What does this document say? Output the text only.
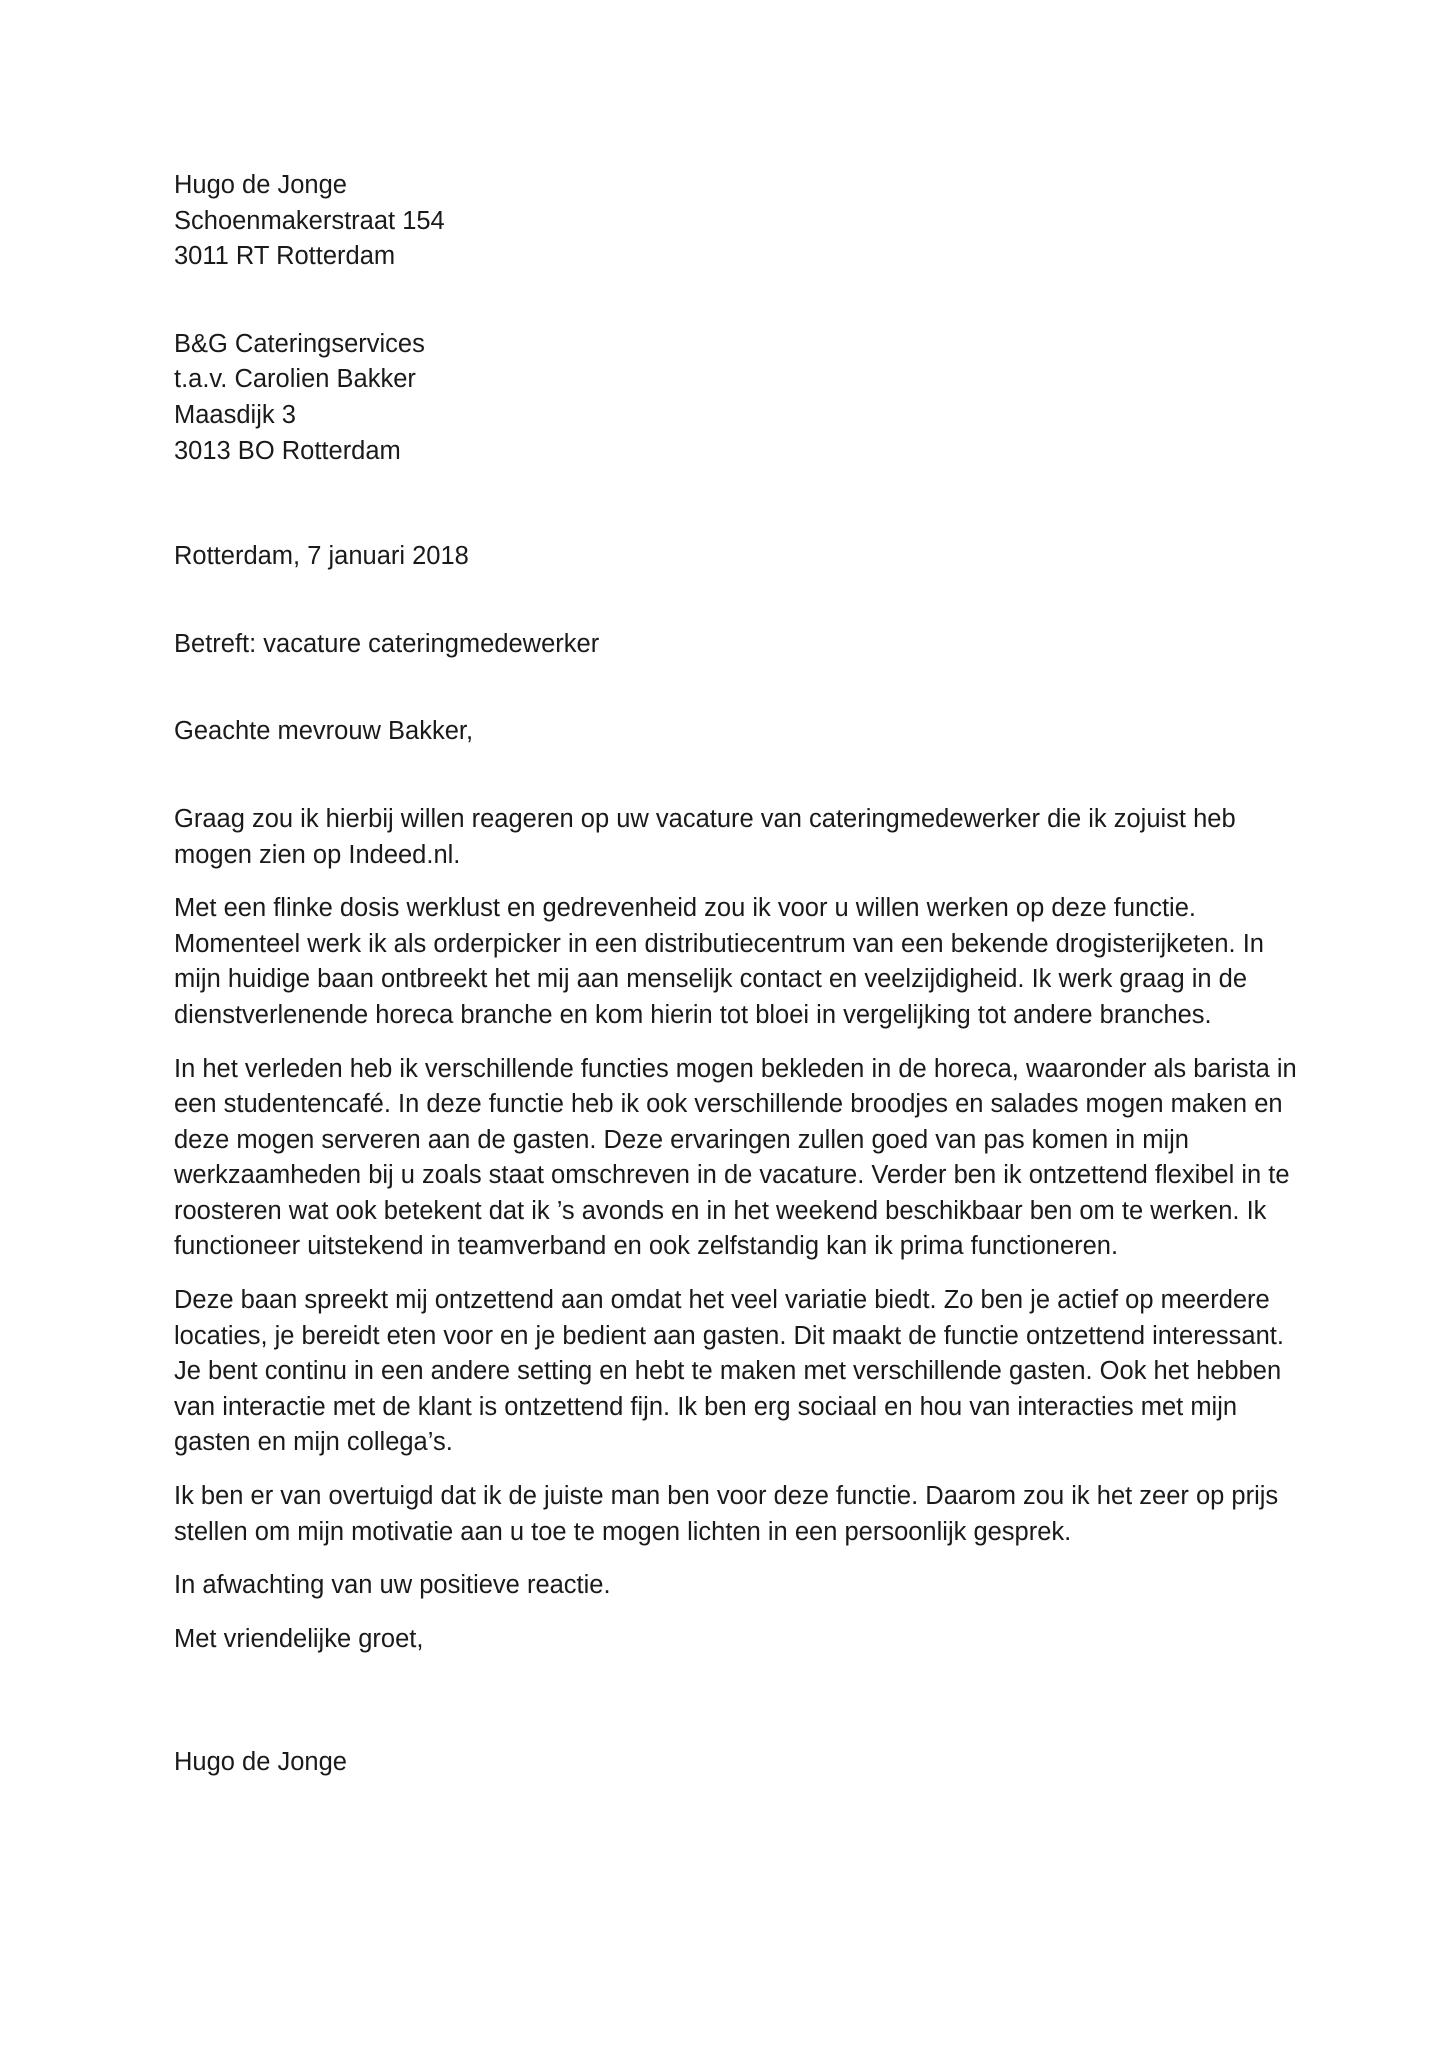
Hugo de Jonge
Schoenmakerstraat 154
3011 RT Rotterdam
B&G Cateringservices
t.a.v. Carolien Bakker
Maasdijk 3
3013 BO Rotterdam
Rotterdam, 7 januari 2018
Betreft: vacature cateringmedewerker
Geachte mevrouw Bakker,
Graag zou ik hierbij willen reageren op uw vacature van cateringmedewerker die ik zojuist heb
mogen zien op Indeed.nl.
Met een flinke dosis werklust en gedrevenheid zou ik voor u willen werken op deze functie.
Momenteel werk ik als orderpicker in een distributiecentrum van een bekende drogisterijketen. In
mijn huidige baan ontbreekt het mij aan menselijk contact en veelzijdigheid. Ik werk graag in de
dienstverlenende horeca branche en kom hierin tot bloei in vergelijking tot andere branches.
In het verleden heb ik verschillende functies mogen bekleden in de horeca, waaronder als barista in
een studentencafé. In deze functie heb ik ook verschillende broodjes en salades mogen maken en
deze mogen serveren aan de gasten. Deze ervaringen zullen goed van pas komen in mijn
werkzaamheden bij u zoals staat omschreven in de vacature. Verder ben ik ontzettend flexibel in te
roosteren wat ook betekent dat ik ’s avonds en in het weekend beschikbaar ben om te werken. Ik
functioneer uitstekend in teamverband en ook zelfstandig kan ik prima functioneren.
Deze baan spreekt mij ontzettend aan omdat het veel variatie biedt. Zo ben je actief op meerdere
locaties, je bereidt eten voor en je bedient aan gasten. Dit maakt de functie ontzettend interessant.
Je bent continu in een andere setting en hebt te maken met verschillende gasten. Ook het hebben
van interactie met de klant is ontzettend fijn. Ik ben erg sociaal en hou van interacties met mijn
gasten en mijn collega’s.
Ik ben er van overtuigd dat ik de juiste man ben voor deze functie. Daarom zou ik het zeer op prijs
stellen om mijn motivatie aan u toe te mogen lichten in een persoonlijk gesprek.
In afwachting van uw positieve reactie.
Met vriendelijke groet,
Hugo de Jonge
